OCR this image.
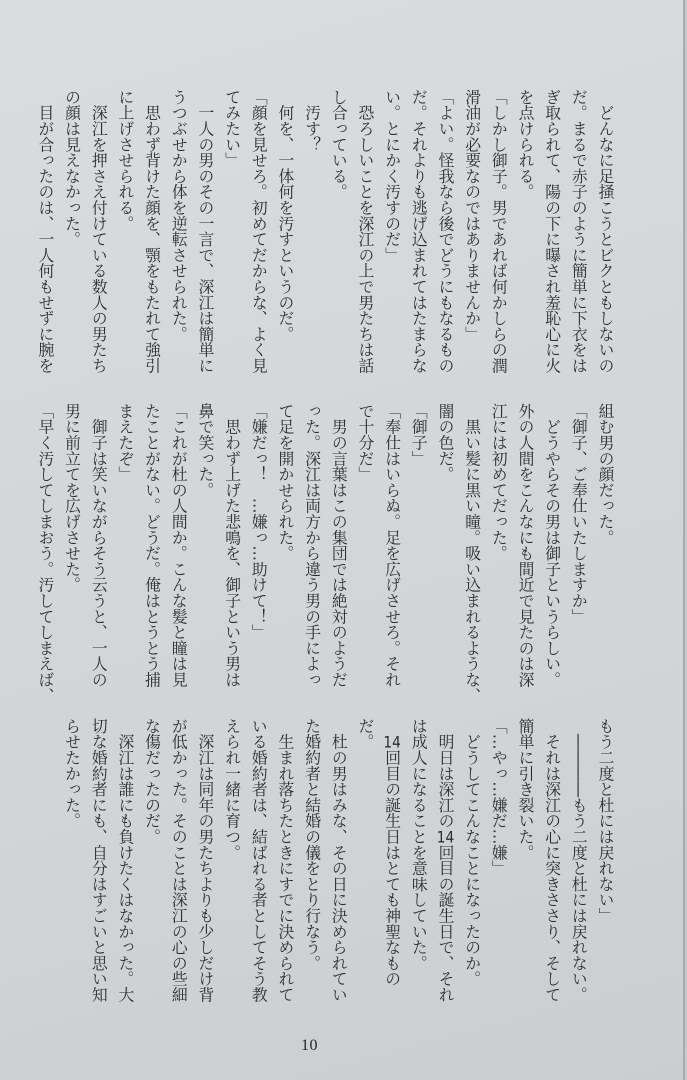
　どんなに足掻こうとビクともしないの
だ。まるで赤子のように簡単に下衣をは
ぎ取られて、陽の下に曝され羞恥心に火
を点けられる。
「しかし御子。男であれば何かしらの潤
滑油が必要なのではありませんか」
「よい。怪我なら後でどうにもなるもの
だ。それよりも逃げ込まれてはたまらな
い。とにかく汚すのだ」
　恐ろしいことを深江の上で男たちは話
し合っている。
　汚す？
　何を、一体何を汚すというのだ。
「顔を見せろ。初めてだからな、よく見
てみたい」
　一人の男のその一言で、深江は簡単に
うつぶせから体を逆転させられた。
　思わず背けた顔を、顎をもたれて強引
に上げさせられる。
　深江を押さえ付けている数人の男たち
の顔は見えなかった。
　目が合ったのは、一人何もせずに腕を
組む男の顔だった。
「御子、ご奉仕いたしますか」
　どうやらその男は御子というらしい。
外の人間をこんなにも間近で見たのは深
江には初めてだった。
　黒い髪に黒い瞳。吸い込まれるような、
闇の色だ。
「御子」
「奉仕はいらぬ。足を広げさせろ。それ
で十分だ」
　男の言葉はこの集団では絶対のようだ
った。深江は両方から違う男の手によっ
て足を開かせられた。
「嫌だっ！　…嫌っ…助けて！」
　思わず上げた悲鳴を、御子という男は
鼻で笑った。
「これが杜の人間か。こんな髪と瞳は見
たことがない。どうだ。俺はとうとう捕
まえたぞ」
　御子は笑いながらそう云うと、一人の
男に前立てを広げさせた。
「早く汚してしまおう。汚してしまえば、
もう二度と杜には戻れない」
　――――もう二度と杜には戻れない。
　それは深江の心に突きささり、そして
簡単に引き裂いた。
「…やっ…嫌だ…嫌」
　どうしてこんなことになったのか。
　明日は深江の14回目の誕生日で、それ
は成人になることを意味していた。
　14回目の誕生日はとても神聖なもの
だ。
　杜の男はみな、その日に決められてい
た婚約者と結婚の儀をとり行なう。
　生まれ落ちたときにすでに決められて
いる婚約者は、結ばれる者としてそう教
えられ一緒に育つ。
　深江は同年の男たちよりも少しだけ背
が低かった。そのことは深江の心の些細
な傷だったのだ。
　深江は誰にも負けたくはなかった。大
切な婚約者にも、自分はすごいと思い知
らせたかった。
10
